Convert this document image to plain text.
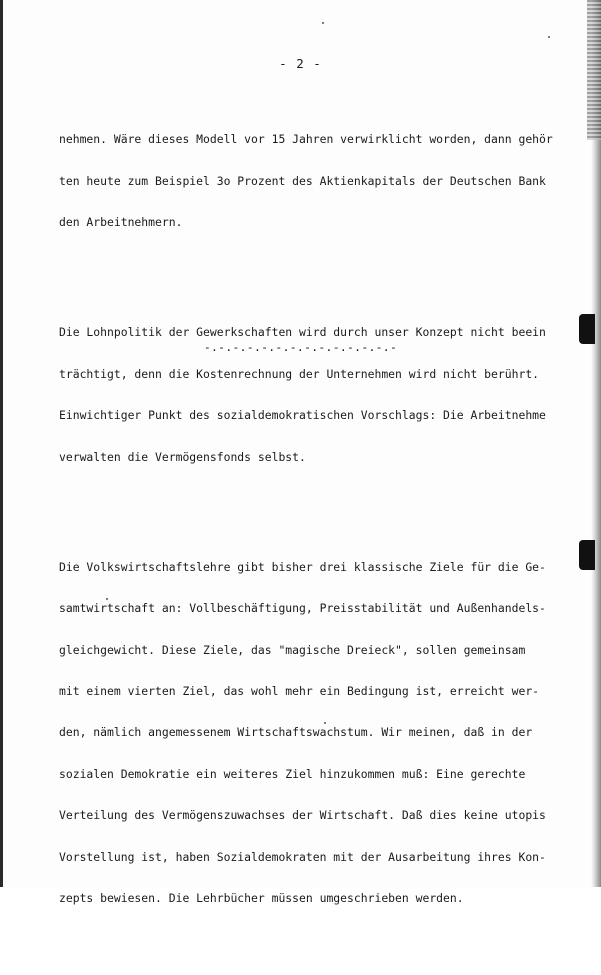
- 2 -

nehmen. Wäre dieses Modell vor 15 Jahren verwirklicht worden, dann gehör

ten heute zum Beispiel 3o Prozent des Aktienkapitals der Deutschen Bank

den Arbeitnehmern.

Die Lohnpolitik der Gewerkschaften wird durch unser Konzept nicht beein

trächtigt, denn die Kostenrechnung der Unternehmen wird nicht berührt.

Einwichtiger Punkt des sozialdemokratischen Vorschlags: Die Arbeitnehme

verwalten die Vermögensfonds selbst.

Die Volkswirtschaftslehre gibt bisher drei klassische Ziele für die Ge-

samtwirtschaft an: Vollbeschäftigung, Preisstabilität und Außenhandels-

gleichgewicht. Diese Ziele, das "magische Dreieck", sollen gemeinsam

mit einem vierten Ziel, das wohl mehr ein Bedingung ist, erreicht wer-

den, nämlich angemessenem Wirtschaftswachstum. Wir meinen, daß in der

sozialen Demokratie ein weiteres Ziel hinzukommen muß: Eine gerechte

Verteilung des Vermögenszuwachses der Wirtschaft. Daß dies keine utopis

Vorstellung ist, haben Sozialdemokraten mit der Ausarbeitung ihres Kon-

zepts bewiesen. Die Lehrbücher müssen umgeschrieben werden.

-.-.-.-.-.-.-.-.-.-.-.-.-.-
